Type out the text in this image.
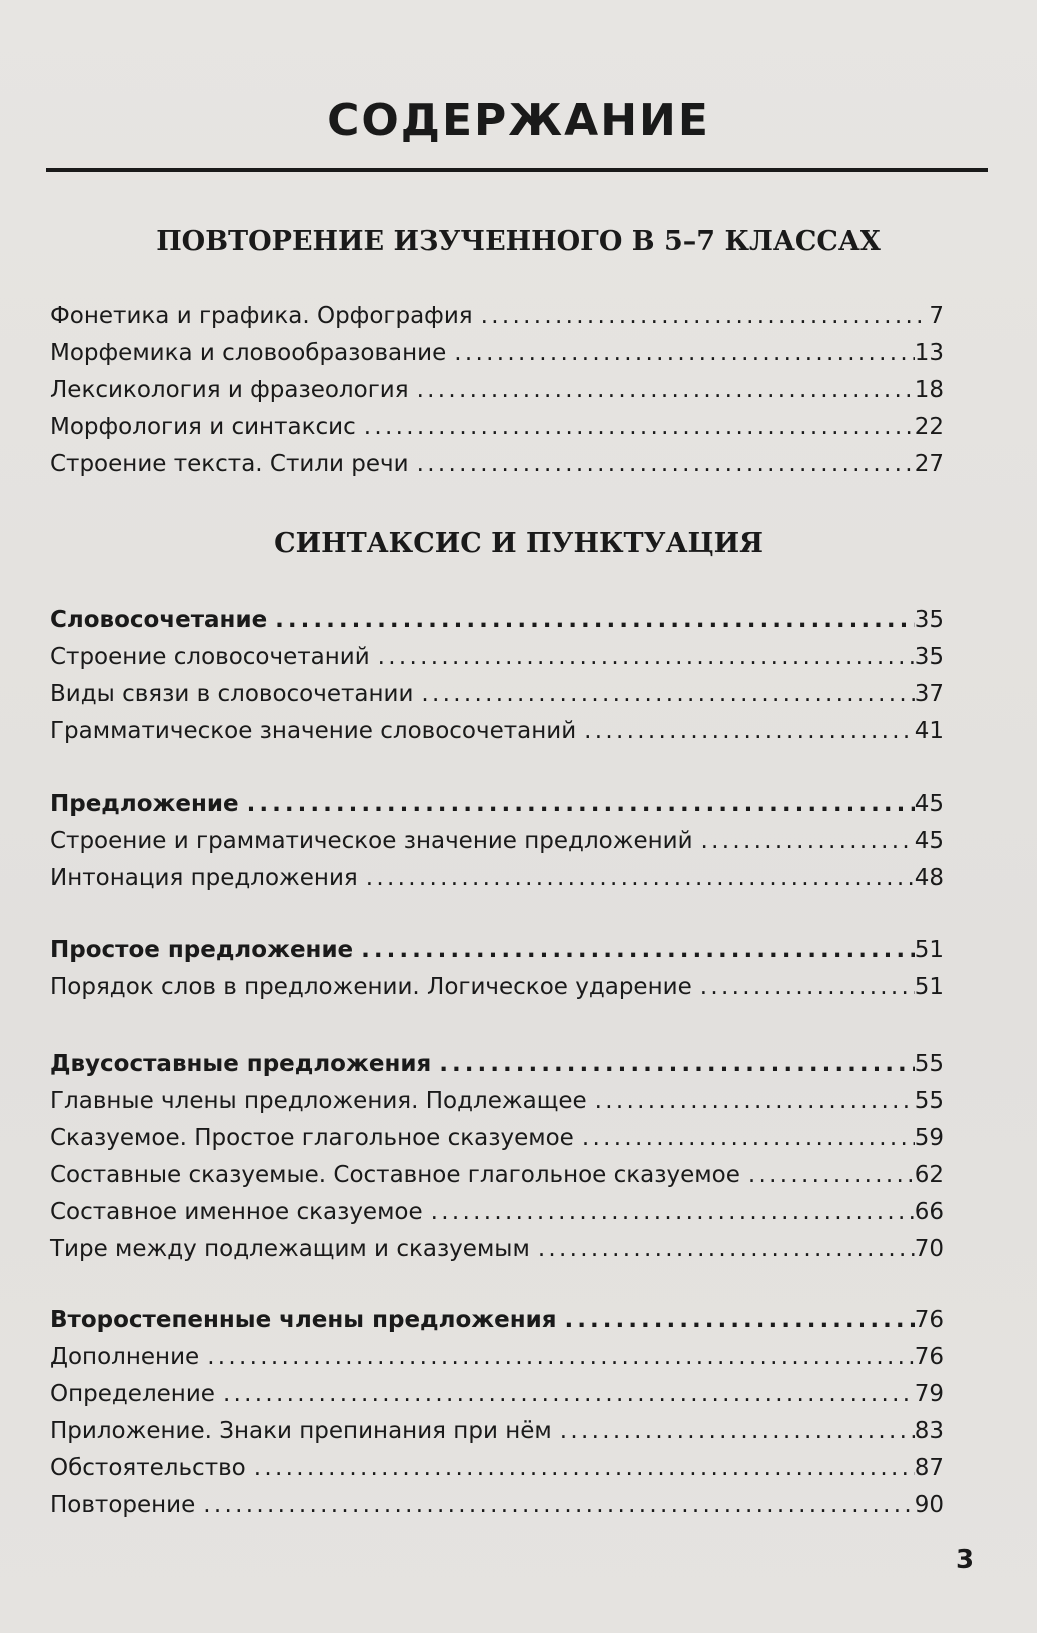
СОДЕРЖАНИЕ
ПОВТОРЕНИЕ ИЗУЧЕННОГО В 5–7 КЛАССАХ
Фонетика и графика. Орфография . . .	7
Морфемика и словообразование . . .	13
Лексикология и фразеология . . .	18
Морфология и синтаксис . . .	22
Строение текста. Стили речи . . .	27
СИНТАКСИС И ПУНКТУАЦИЯ
Словосочетание . . .	35
Строение словосочетаний . . .	35
Виды связи в словосочетании . . .	37
Грамматическое значение словосочетаний . . .	41
Предложение . . .	45
Строение и грамматическое значение предложений . . .	45
Интонация предложения . . .	48
Простое предложение . . .	51
Порядок слов в предложении. Логическое ударение . . .	51
Двусоставные предложения . . .	55
Главные члены предложения. Подлежащее . . .	55
Сказуемое. Простое глагольное сказуемое . . .	59
Составные сказуемые. Составное глагольное сказуемое . . .	62
Составное именное сказуемое . . .	66
Тире между подлежащим и сказуемым . . .	70
Второстепенные члены предложения . . .	76
Дополнение . . .	76
Определение . . .	79
Приложение. Знаки препинания при нём . . .	83
Обстоятельство . . .	87
Повторение . . .	90
3
